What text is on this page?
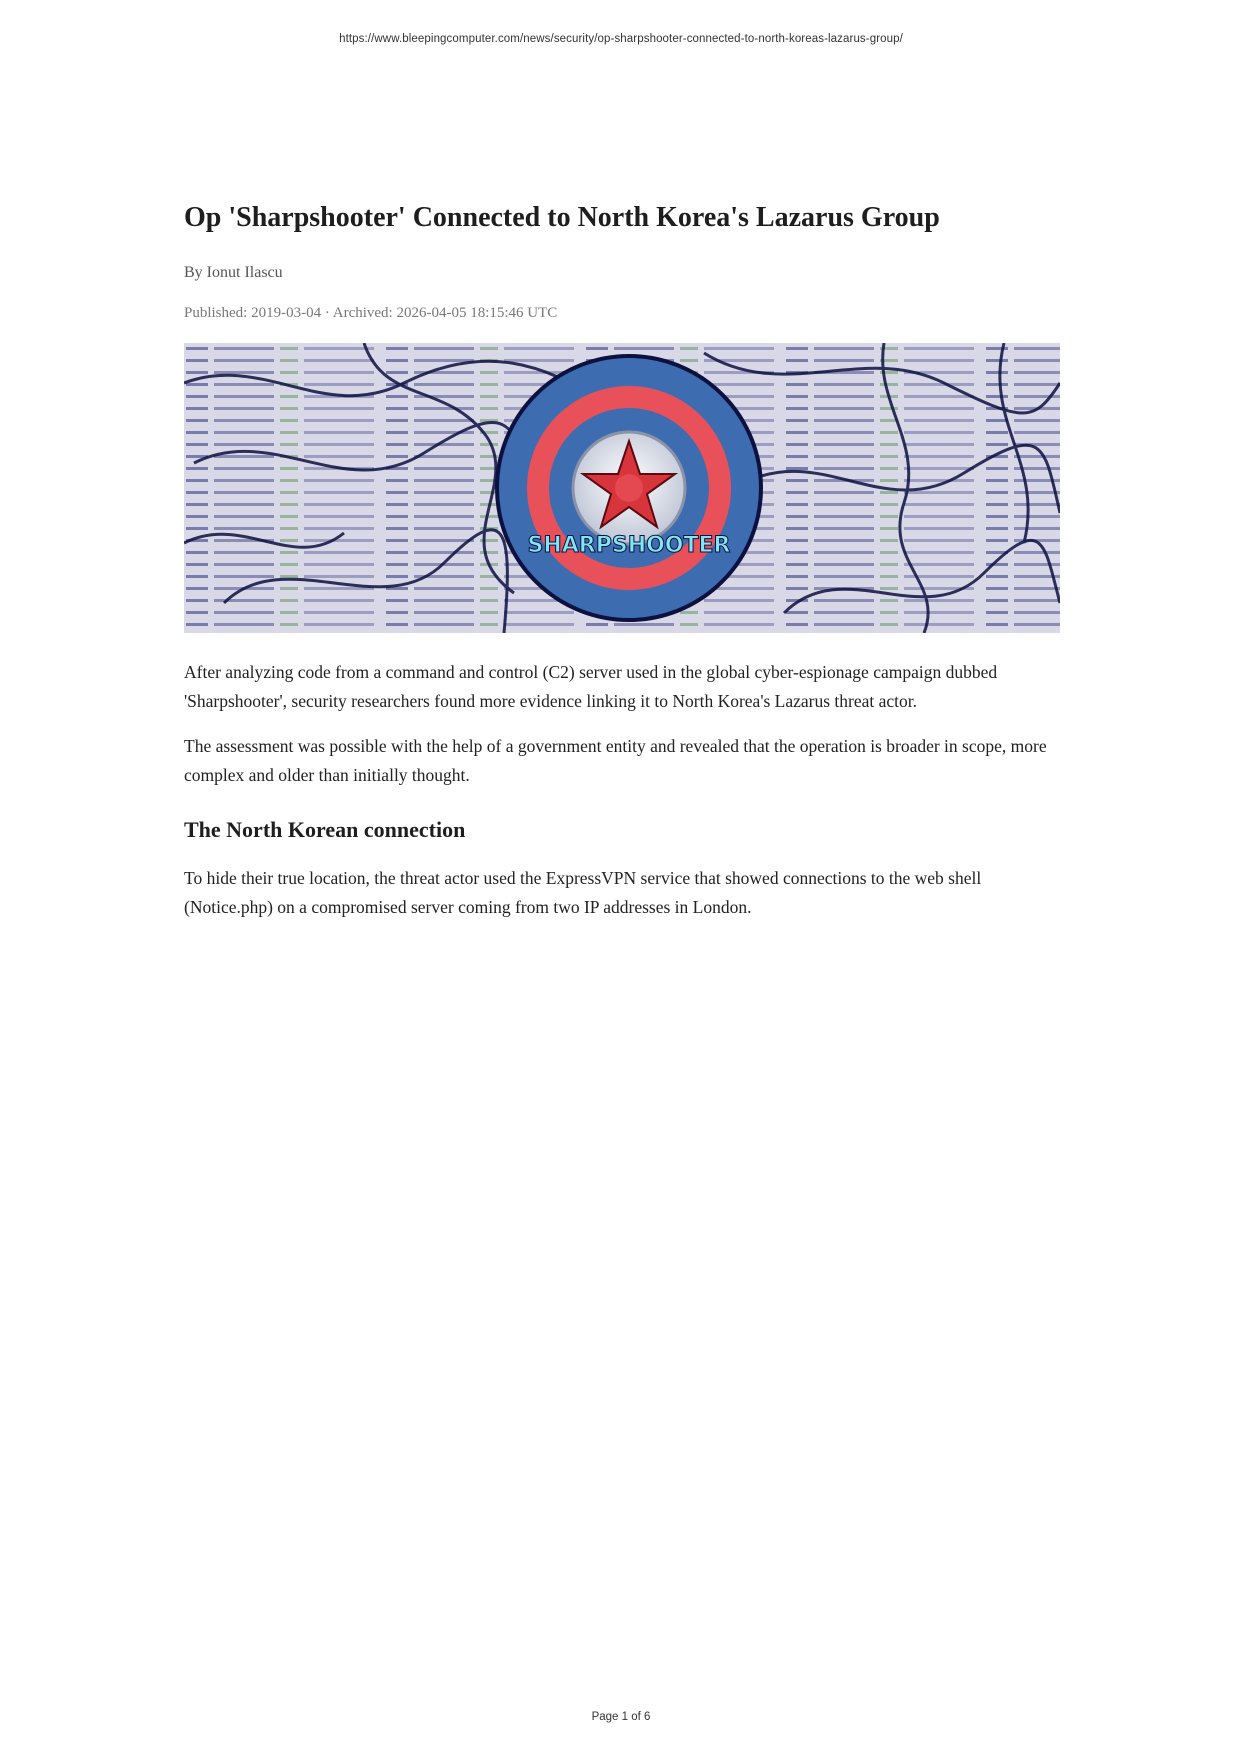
https://www.bleepingcomputer.com/news/security/op-sharpshooter-connected-to-north-koreas-lazarus-group/
Op 'Sharpshooter' Connected to North Korea's Lazarus Group

By Ionut Ilascu

Published: 2019-03-04 · Archived: 2026-04-05 18:15:46 UTC

SHARPSHOOTER

After analyzing code from a command and control (C2) server used in the global cyber-espionage campaign dubbed 'Sharpshooter', security researchers found more evidence linking it to North Korea's Lazarus threat actor.

The assessment was possible with the help of a government entity and revealed that the operation is broader in scope, more complex and older than initially thought.

The North Korean connection

To hide their true location, the threat actor used the ExpressVPN service that showed connections to the web shell (Notice.php) on a compromised server coming from two IP addresses in London.

Page 1 of 6
